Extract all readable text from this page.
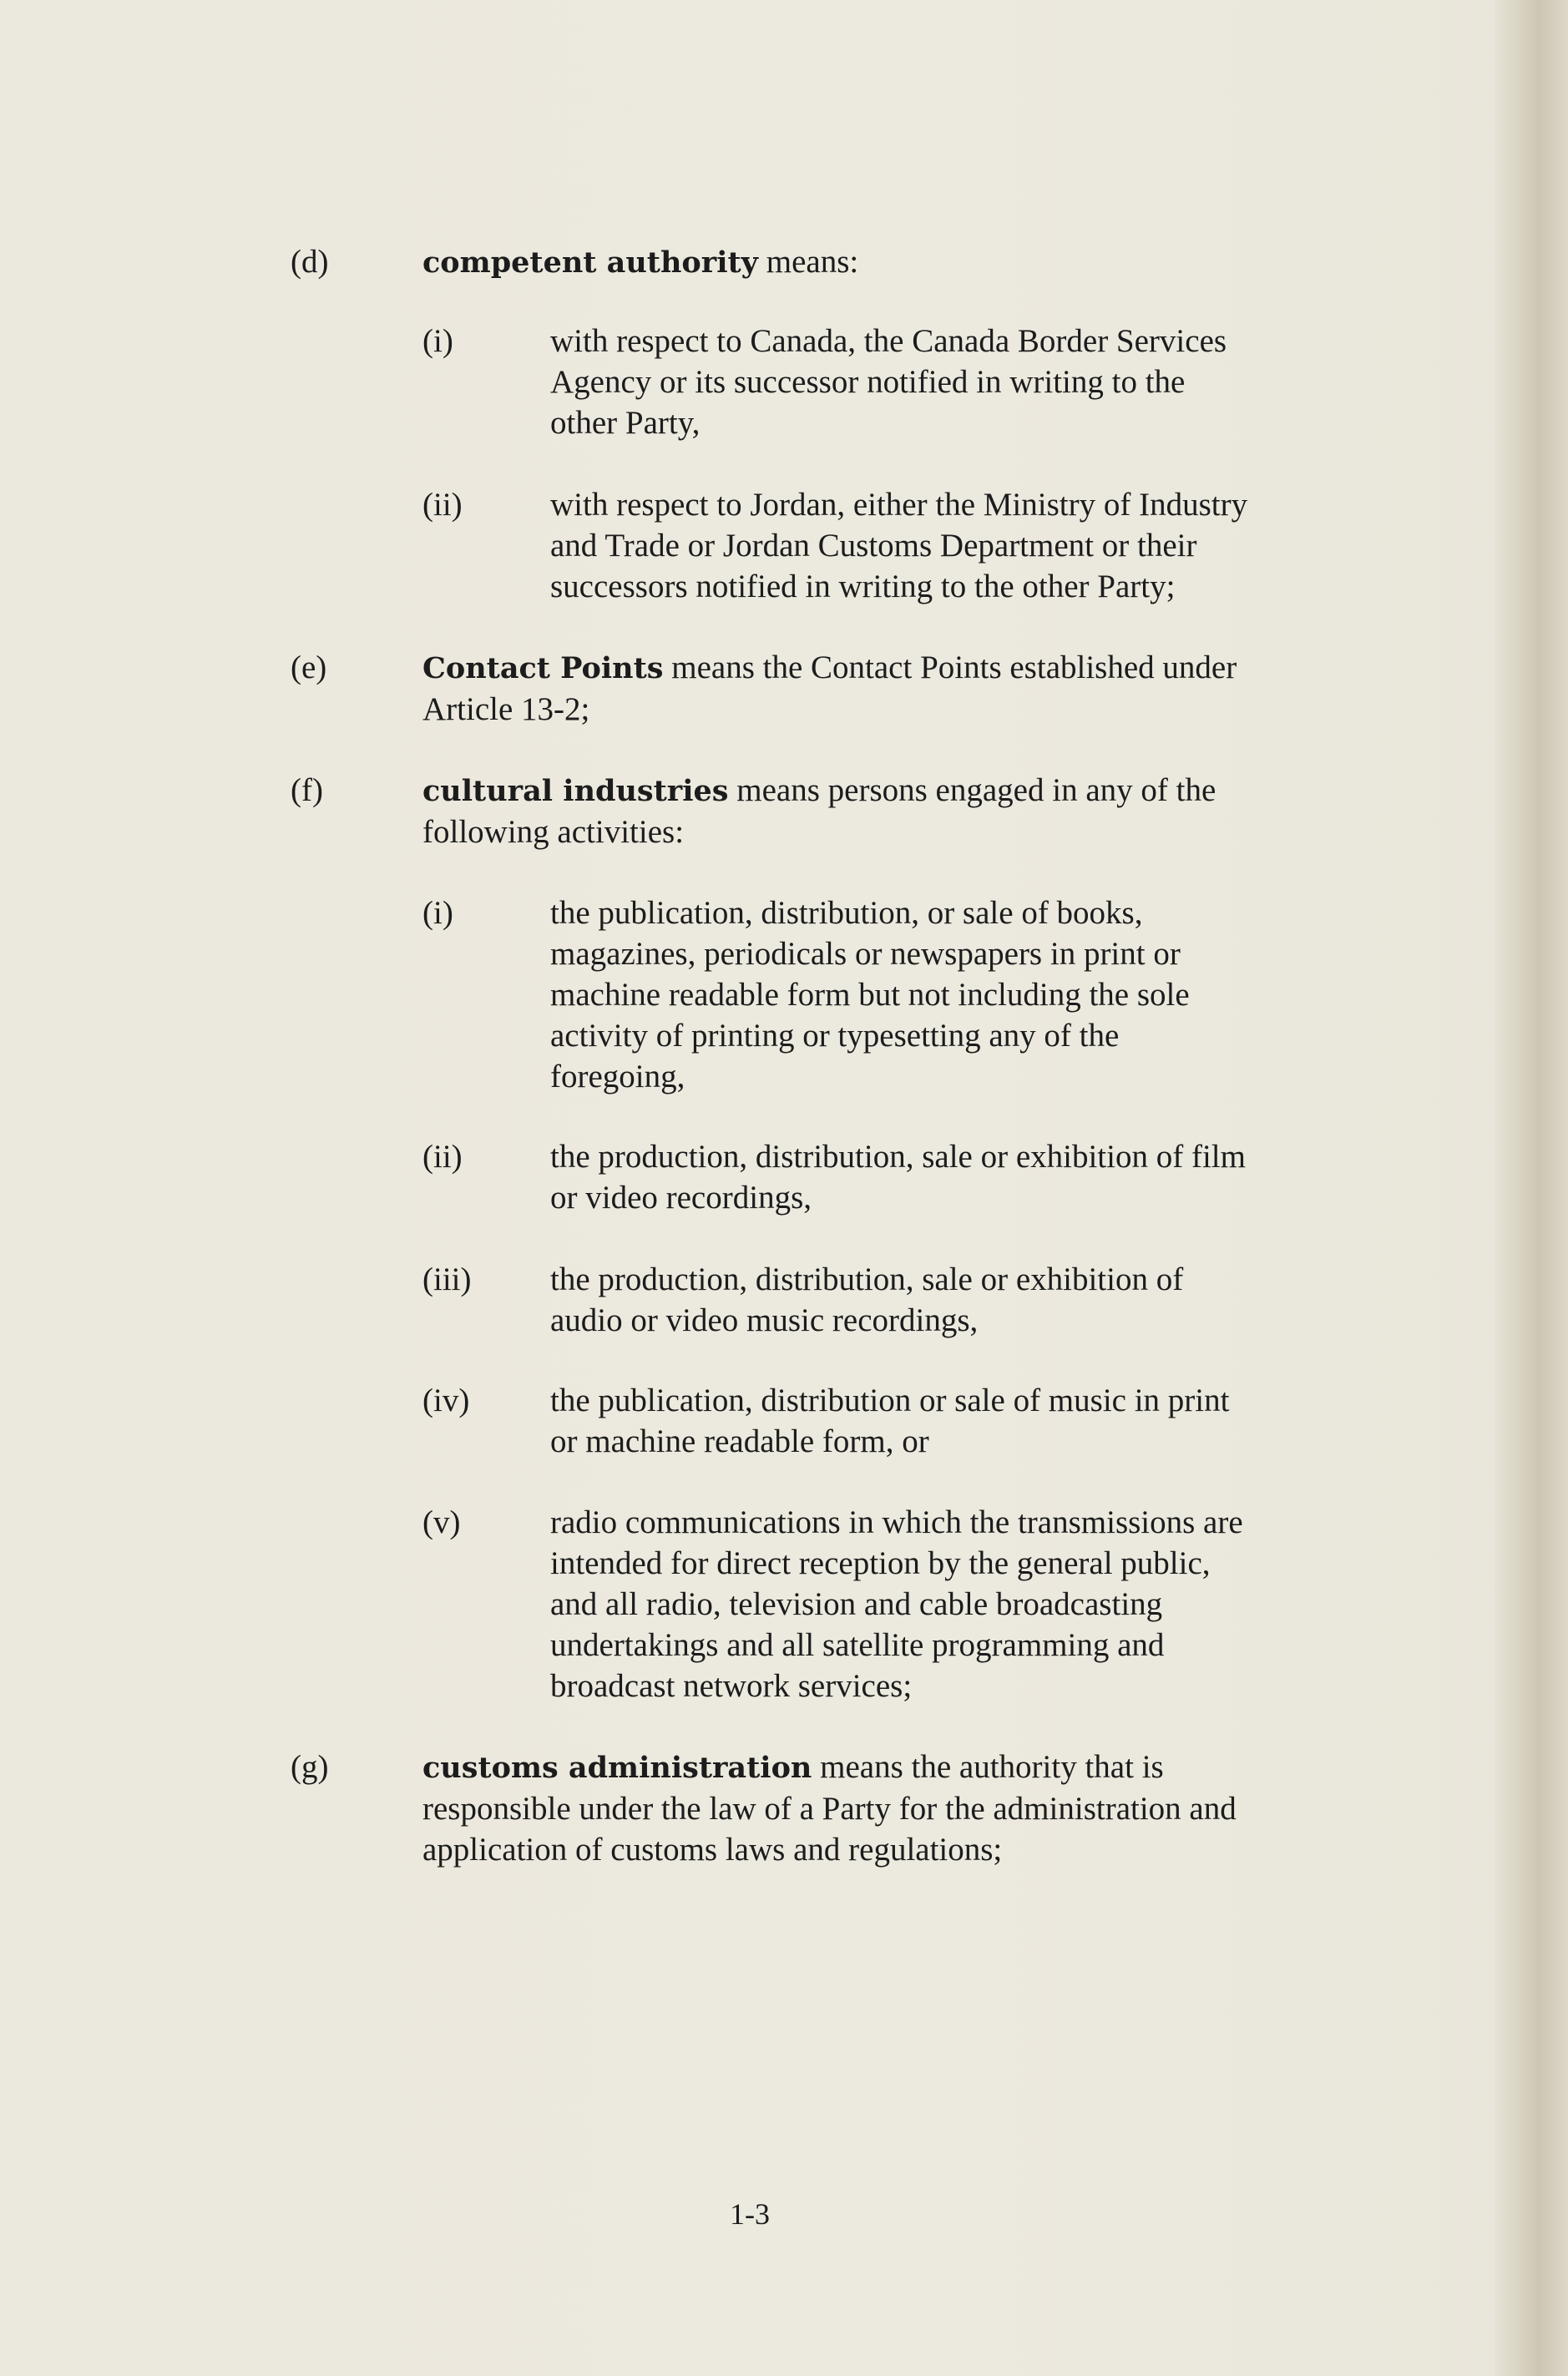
(d)	competent authority means:
(i)	with respect to Canada, the Canada Border Services
Agency or its successor notified in writing to the
other Party,
(ii)	with respect to Jordan, either the Ministry of Industry
and Trade or Jordan Customs Department or their
successors notified in writing to the other Party;
(e)	Contact Points means the Contact Points established under
Article 13-2;
(f)	cultural industries means persons engaged in any of the
following activities:
(i)	the publication, distribution, or sale of books,
magazines, periodicals or newspapers in print or
machine readable form but not including the sole
activity of printing or typesetting any of the
foregoing,
(ii)	the production, distribution, sale or exhibition of film
or video recordings,
(iii) the production, distribution, sale or exhibition of
audio or video music recordings,
(iv) the publication, distribution or sale of music in print
or machine readable form, or
(v)	radio communications in which the transmissions are
intended for direct reception by the general public,
and all radio, television and cable broadcasting
undertakings and all satellite programming and
broadcast network services;
(g)	customs administration means the authority that is
responsible under the law of a Party for the administration and
application of customs laws and regulations;
1-3
